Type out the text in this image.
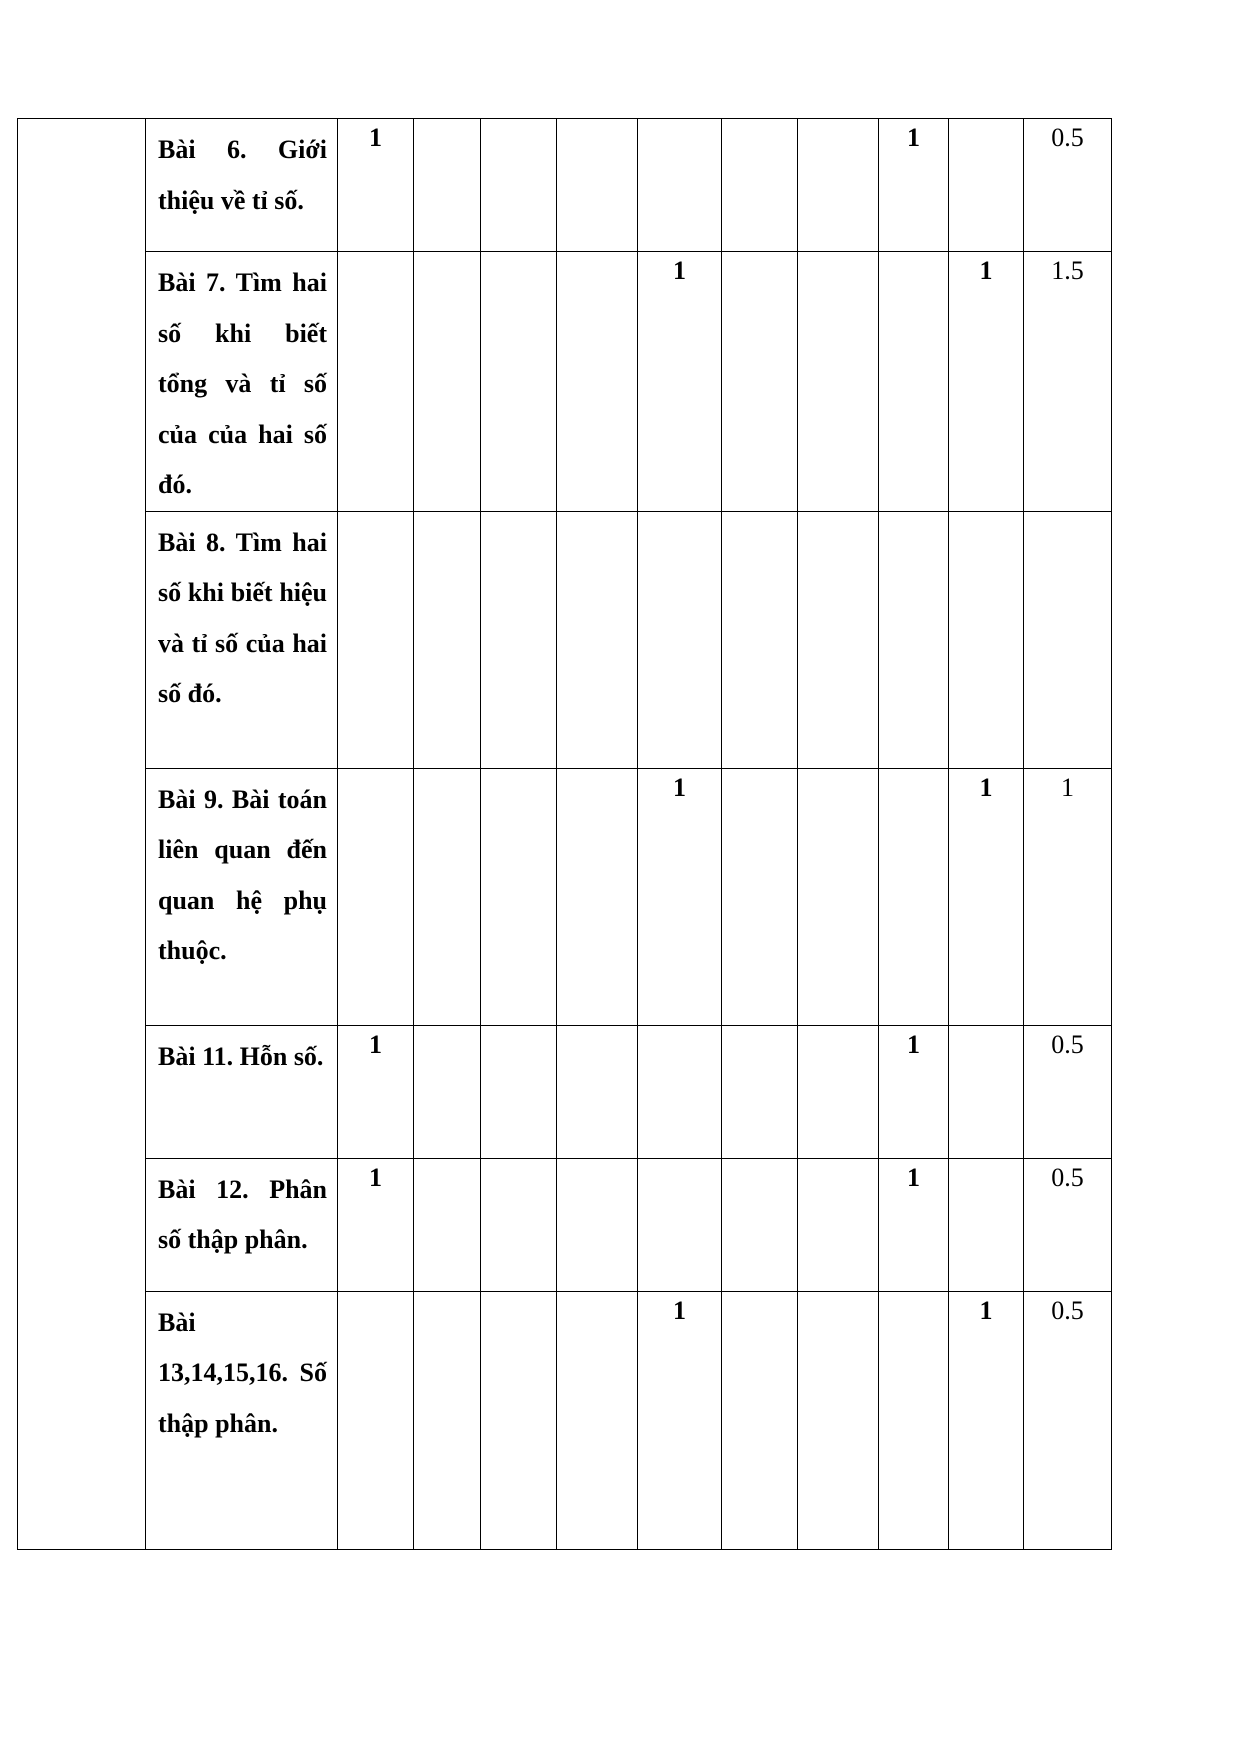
	Bài 6. Giới thiệu về tỉ số.	1							1		0.5

	Bài 7. Tìm hai số khi biết tổng và tỉ số của của hai số đó.					1				1	1.5

	Bài 8. Tìm hai số khi biết hiệu và tỉ số của hai số đó.										

	Bài 9. Bài toán liên quan đến quan hệ phụ thuộc.					1				1	1

	Bài 11. Hỗn số.	1							1		0.5

	Bài 12. Phân số thập phân.	1							1		0.5

	Bài 13,14,15,16. Số thập phân.					1				1	0.5
